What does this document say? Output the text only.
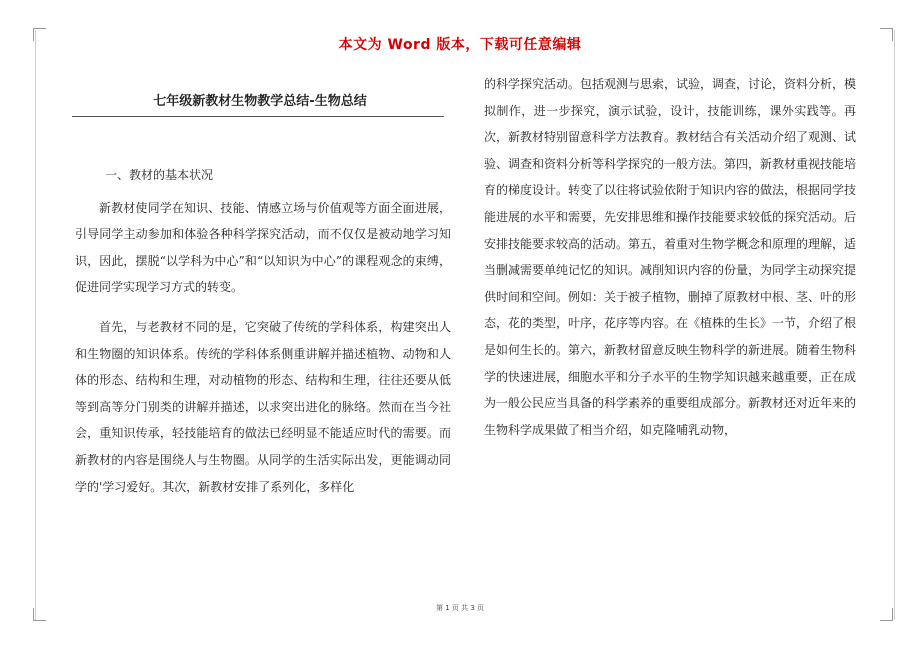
本文为 Word 版本，下载可任意编辑
七年级新教材生物教学总结-生物总结

一、教材的基本状况

新教材使同学在知识、技能、情感立场与价值观等方面全面进展，引导同学主动参加和体验各种科学探究活动，而不仅仅是被动地学习知识，因此，摆脱“以学科为中心”和“以知识为中心”的课程观念的束缚，促进同学实现学习方式的转变。

首先，与老教材不同的是，它突破了传统的学科体系，构建突出人和生物圈的知识体系。传统的学科体系侧重讲解并描述植物、动物和人体的形态、结构和生理，对动植物的形态、结构和生理，往往还要从低等到高等分门别类的讲解并描述，以求突出进化的脉络。然而在当今社会，重知识传承，轻技能培育的做法已经明显不能适应时代的需要。而新教材的内容是围绕人与生物圈。从同学的生活实际出发，更能调动同学的'学习爱好。其次，新教材安排了系列化，多样化

的科学探究活动。包括观测与思索，试验，调查，讨论，资料分析，模拟制作，进一步探究，演示试验，设计，技能训练，课外实践等。再次，新教材特别留意科学方法教育。教材结合有关活动介绍了观测、试验、调查和资料分析等科学探究的一般方法。第四，新教材重视技能培育的梯度设计。转变了以往将试验依附于知识内容的做法，根据同学技能进展的水平和需要，先安排思维和操作技能要求较低的探究活动。后安排技能要求较高的活动。第五，着重对生物学概念和原理的理解，适当删减需要单纯记忆的知识。减削知识内容的份量，为同学主动探究提供时间和空间。例如：关于被子植物，删掉了原教材中根、茎、叶的形态，花的类型，叶序，花序等内容。在《植株的生长》一节，介绍了根是如何生长的。第六，新教材留意反映生物科学的新进展。随着生物科学的快速进展，细胞水平和分子水平的生物学知识越来越重要，正在成为一般公民应当具备的科学素养的重要组成部分。新教材还对近年来的生物科学成果做了相当介绍，如克隆哺乳动物，

第 1 页 共 3 页
